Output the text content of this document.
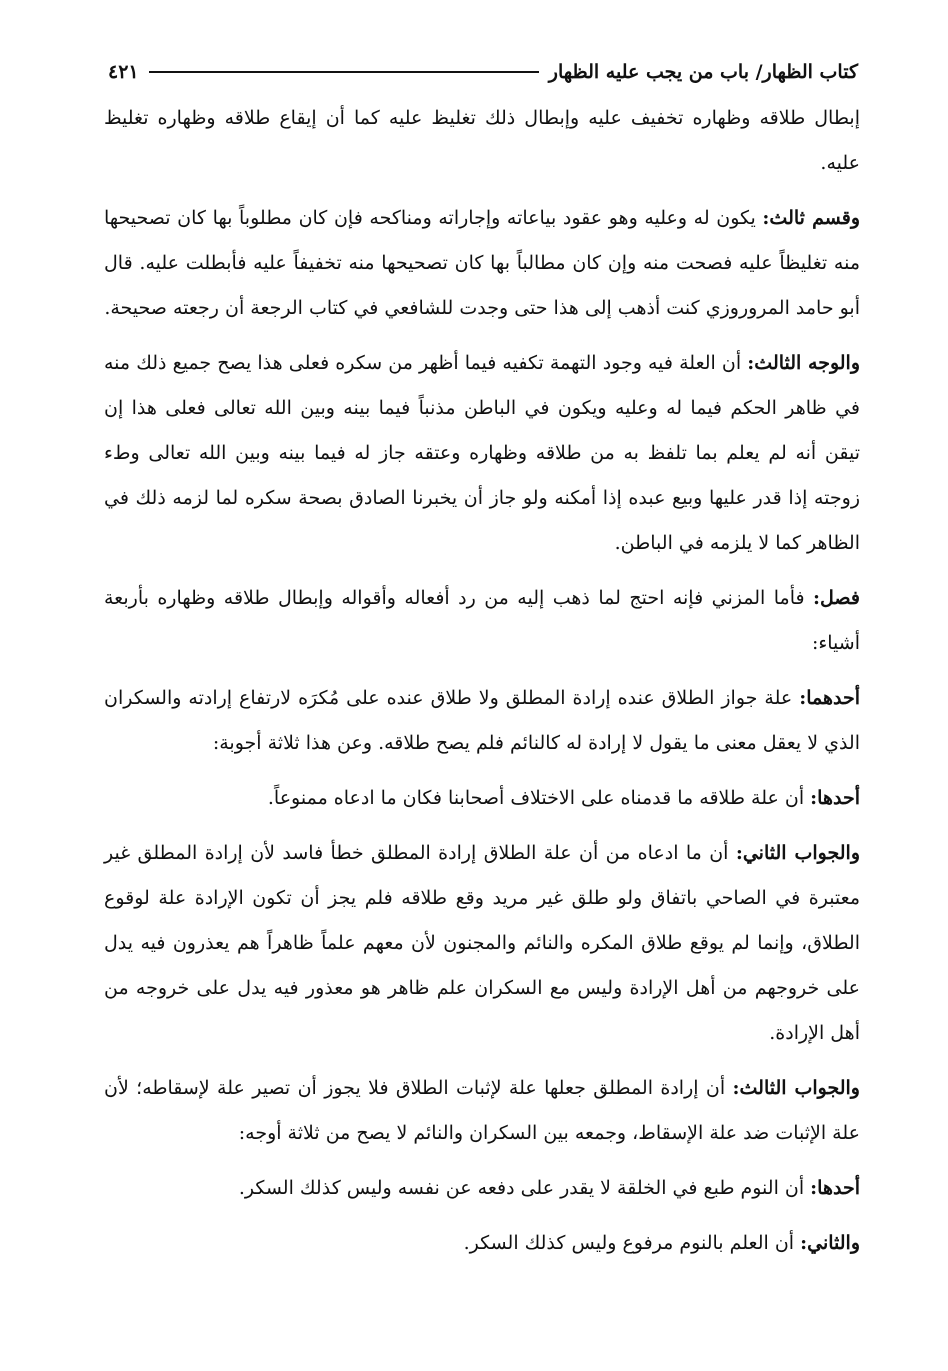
كتاب الظهار/ باب من يجب عليه الظهار
٤٢١

إبطال طلاقه وظهاره تخفيف عليه وإبطال ذلك تغليظ عليه كما أن إيقاع طلاقه وظهاره تغليظ عليه.

وقسم ثالث: يكون له وعليه وهو عقود بياعاته وإجاراته ومناكحه فإن كان مطلوباً بها كان تصحيحها منه تغليظاً عليه فصحت منه وإن كان مطالباً بها كان تصحيحها منه تخفيفاً عليه فأبطلت عليه. قال أبو حامد المروروزي كنت أذهب إلى هذا حتى وجدت للشافعي في كتاب الرجعة أن رجعته صحيحة.

والوجه الثالث: أن العلة فيه وجود التهمة تكفيه فيما أظهر من سكره فعلى هذا يصح جميع ذلك منه في ظاهر الحكم فيما له وعليه ويكون في الباطن مذنباً فيما بينه وبين الله تعالى فعلى هذا إن تيقن أنه لم يعلم بما تلفظ به من طلاقه وظهاره وعتقه جاز له فيما بينه وبين الله تعالى وطء زوجته إذا قدر عليها وبيع عبده إذا أمكنه ولو جاز أن يخبرنا الصادق بصحة سكره لما لزمه ذلك في الظاهر كما لا يلزمه في الباطن.

فصل: فأما المزني فإنه احتج لما ذهب إليه من رد أفعاله وأقواله وإبطال طلاقه وظهاره بأربعة أشياء:

أحدهما: علة جواز الطلاق عنده إرادة المطلق ولا طلاق عنده على مُكرَه لارتفاع إرادته والسكران الذي لا يعقل معنى ما يقول لا إرادة له كالنائم فلم يصح طلاقه. وعن هذا ثلاثة أجوبة:

أحدها: أن علة طلاقه ما قدمناه على الاختلاف أصحابنا فكان ما ادعاه ممنوعاً.

والجواب الثاني: أن ما ادعاه من أن علة الطلاق إرادة المطلق خطأ فاسد لأن إرادة المطلق غير معتبرة في الصاحي باتفاق ولو طلق غير مريد وقع طلاقه فلم يجز أن تكون الإرادة علة لوقوع الطلاق، وإنما لم يوقع طلاق المكره والنائم والمجنون لأن معهم علماً ظاهراً هم يعذرون فيه يدل على خروجهم من أهل الإرادة وليس مع السكران علم ظاهر هو معذور فيه يدل على خروجه من أهل الإرادة.

والجواب الثالث: أن إرادة المطلق جعلها علة لإثبات الطلاق فلا يجوز أن تصير علة لإسقاطه؛ لأن علة الإثبات ضد علة الإسقاط، وجمعه بين السكران والنائم لا يصح من ثلاثة أوجه:

أحدها: أن النوم طبع في الخلقة لا يقدر على دفعه عن نفسه وليس كذلك السكر.

والثاني: أن العلم بالنوم مرفوع وليس كذلك السكر.
